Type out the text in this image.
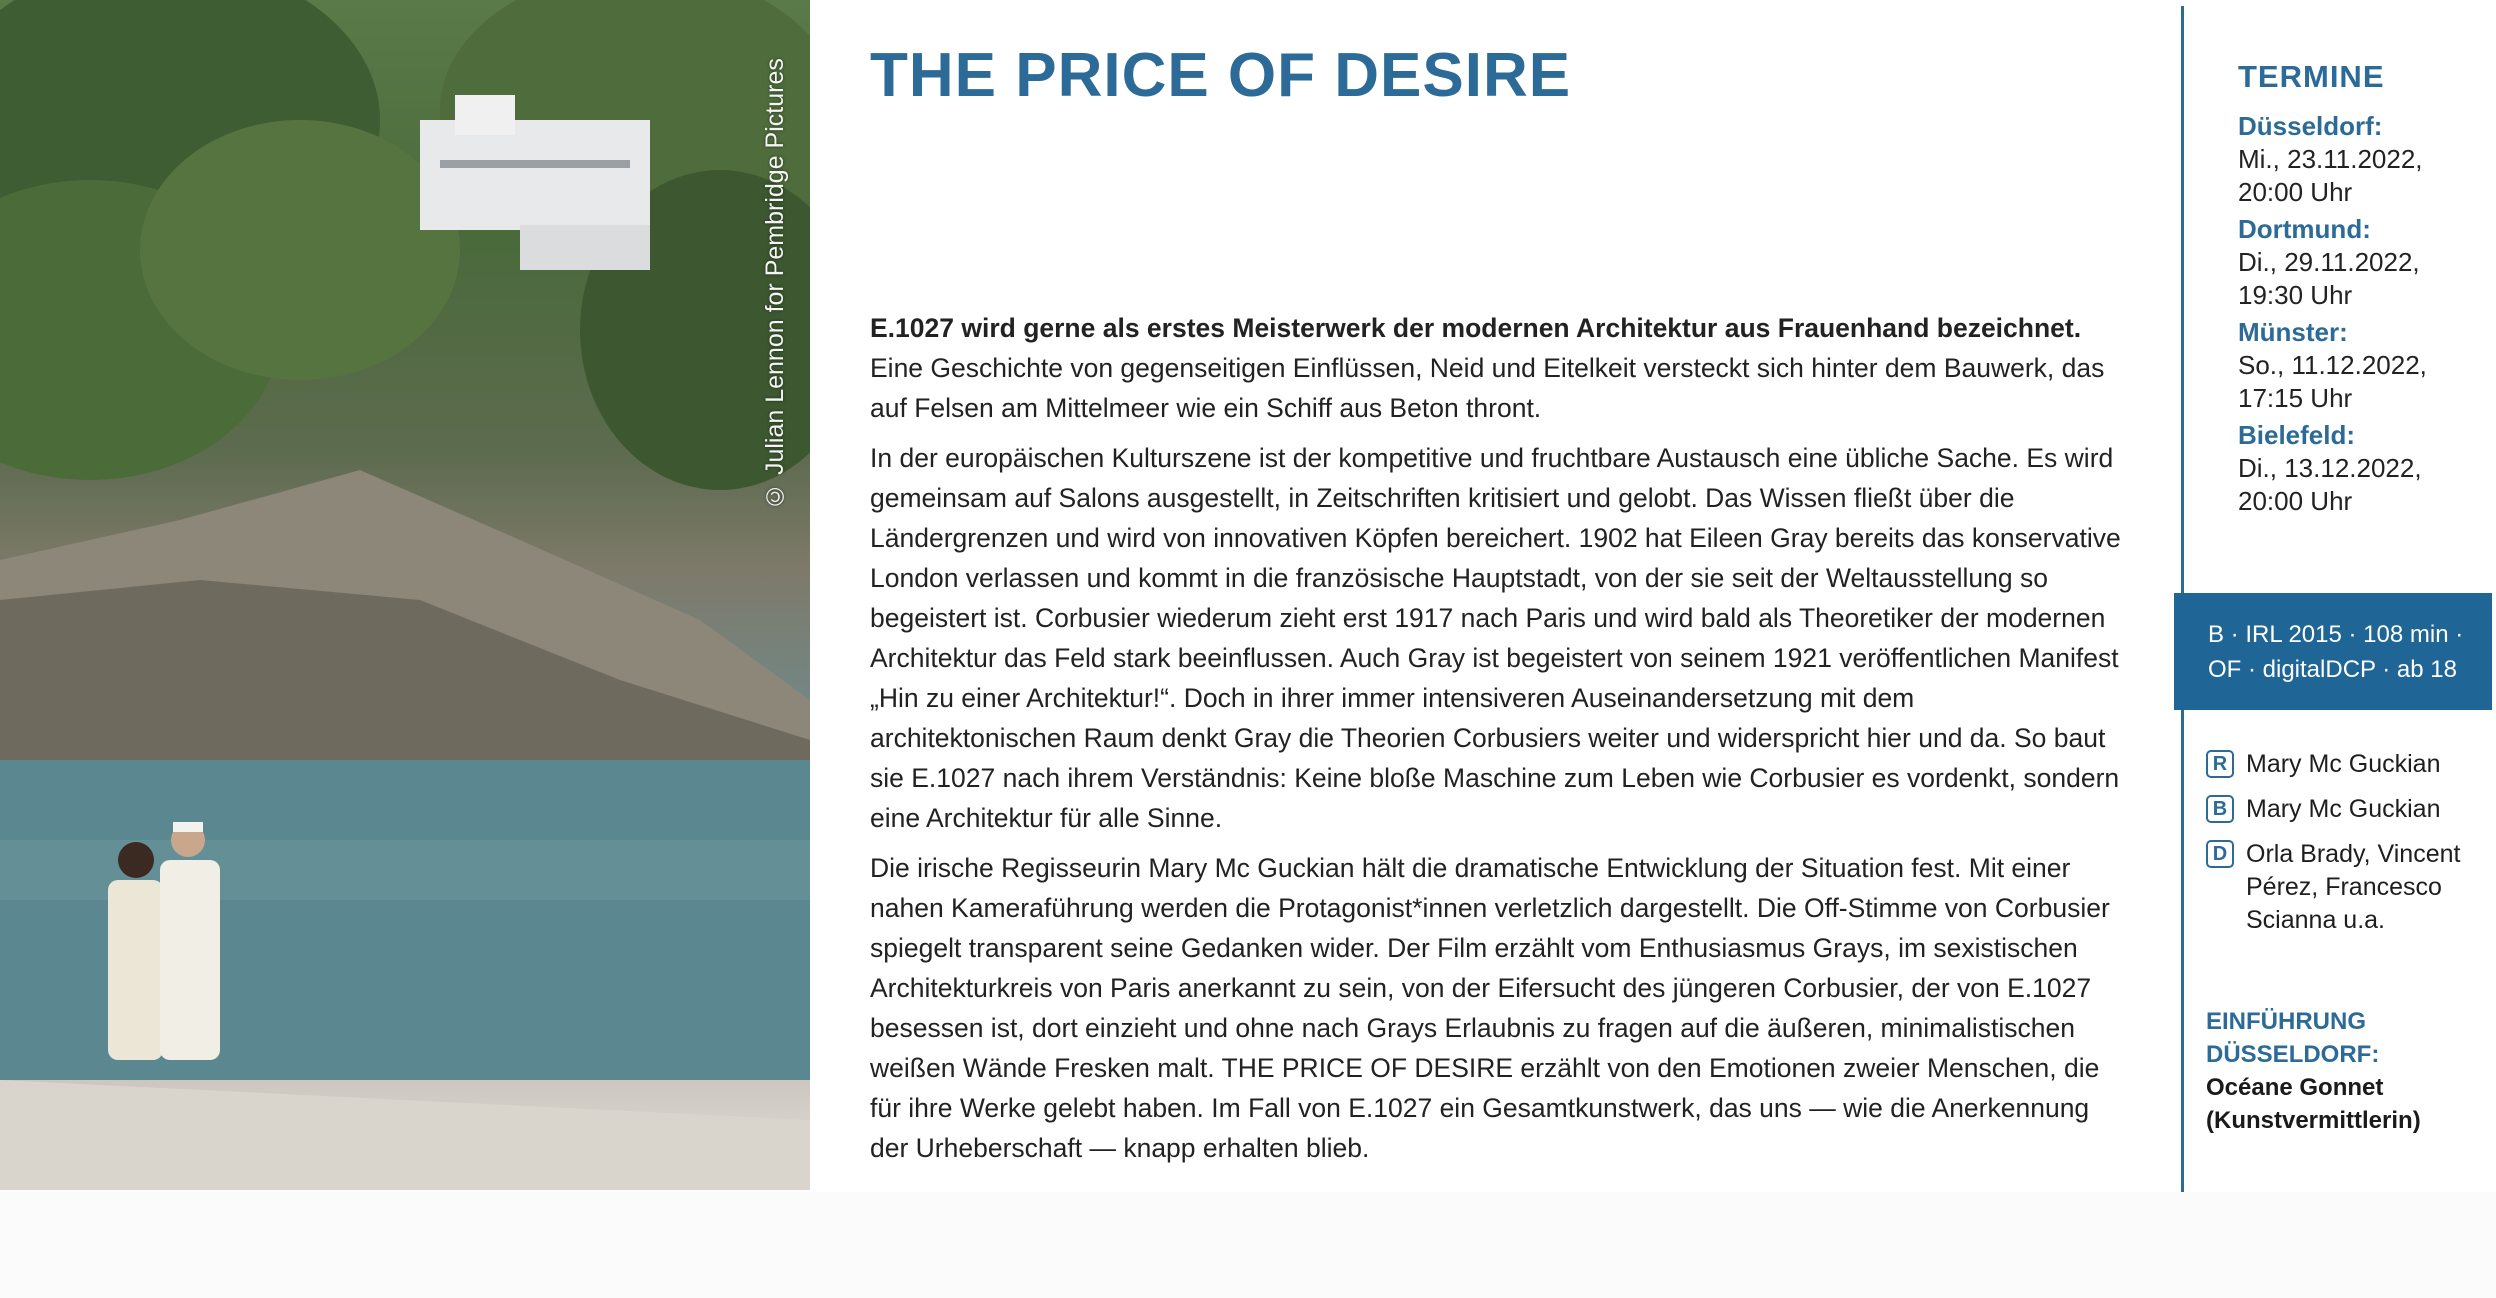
© Julian Lennon for Pembridge Pictures THE PRICE OF DESIRE

E.1027 wird gerne als erstes Meisterwerk der modernen Architektur aus Frauenhand bezeichnet. Eine Geschichte von gegenseitigen Einflüssen, Neid und Eitelkeit versteckt sich hinter dem Bauwerk, das auf Felsen am Mittelmeer wie ein Schiff aus Beton thront.

In der europäischen Kulturszene ist der kompetitive und fruchtbare Austausch eine übliche Sache. Es wird gemeinsam auf Salons ausgestellt, in Zeitschriften kritisiert und gelobt. Das Wissen fließt über die Ländergrenzen und wird von innovativen Köpfen bereichert. 1902 hat Eileen Gray bereits das konservative London verlassen und kommt in die französische Hauptstadt, von der sie seit der Weltausstellung so begeistert ist. Corbusier wiederum zieht erst 1917 nach Paris und wird bald als Theoretiker der modernen Architektur das Feld stark beeinflussen. Auch Gray ist begeistert von seinem 1921 veröffentlichen Manifest „Hin zu einer Architektur!“. Doch in ihrer immer intensiveren Auseinandersetzung mit dem architektonischen Raum denkt Gray die Theorien Corbusiers weiter und widerspricht hier und da. So baut sie E.1027 nach ihrem Verständnis: Keine bloße Maschine zum Leben wie Corbusier es vordenkt, sondern eine Architektur für alle Sinne.

Die irische Regisseurin Mary Mc Guckian hält die dramatische Entwicklung der Situation fest. Mit einer nahen Kameraführung werden die Protagonist*innen verletzlich dargestellt. Die Off-Stimme von Corbusier spiegelt transparent seine Gedanken wider. Der Film erzählt vom Enthusiasmus Grays, im sexistischen Architekturkreis von Paris anerkannt zu sein, von der Eifersucht des jüngeren Corbusier, der von E.1027 besessen ist, dort einzieht und ohne nach Grays Erlaubnis zu fragen auf die äußeren, minimalistischen weißen Wände Fresken malt. THE PRICE OF DESIRE erzählt von den Emotionen zweier Menschen, die für ihre Werke gelebt haben. Im Fall von E.1027 ein Gesamtkunstwerk, das uns — wie die Anerkennung der Urheberschaft — knapp erhalten blieb.

TERMINE
Düsseldorf:
Mi., 23.11.2022,
20:00 Uhr
Dortmund:
Di., 29.11.2022,
19:30 Uhr
Münster:
So., 11.12.2022,
17:15 Uhr
Bielefeld:
Di., 13.12.2022,
20:00 Uhr
B · IRL 2015 · 108 min ·
OF · digitalDCP · ab 18
R Mary Mc Guckian
B Mary Mc Guckian
D Orla Brady, Vincent Pérez, Francesco Scianna u.a.
EINFÜHRUNG DÜSSELDORF:
Océane Gonnet (Kunstvermittlerin)
